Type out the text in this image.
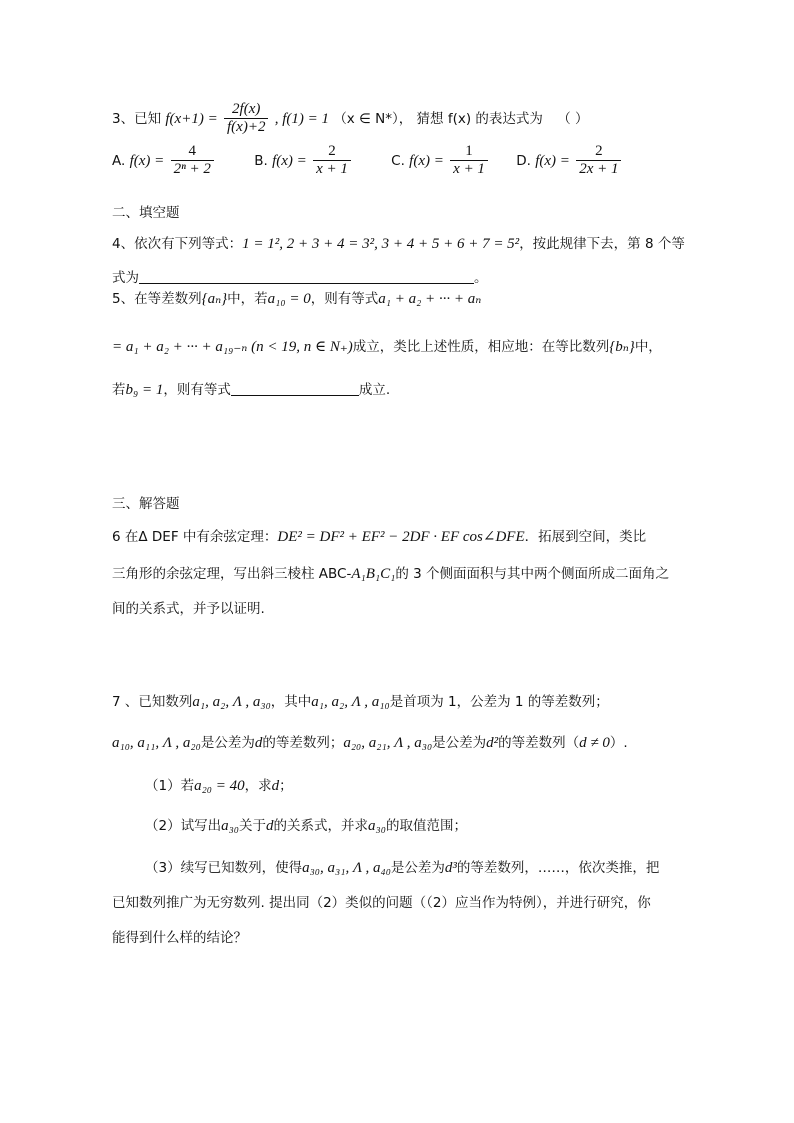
3、已知 $f(x+1) = \frac{2f(x)}{f(x)+2}$ , f(1) = 1 （x ∈ N*）， 猜想 f(x) 的表达式为 （ ）
A. $f(x) = \frac{4}{\text{2ⁿ + 2}}$	B. $f(x) = \frac{2}{x + 1}$	C. $f(x) = \frac{1}{x + 1} D$. $f(x) = \frac{2}{2x + 1}$
二、填空题
4、依次有下列等式：1 = 1², 2 + 3 + 4 = 3², 3 + 4 + 5 + 6 + 7 = 5²，按此规律下去，第 8 个等
式为	。
5、在等差数列{aₙ}中，若a₁₀ = 0，则有等式a₁ + a₂ + ··· + aₙ
= a₁ + a₂ + ··· + a₁₉₋ₙ (n < 19, n ∈ N₊)成立，类比上述性质，相应地：在等比数列{bₙ}中，
若b₉ = 1，则有等式	成立.
三、解答题
6 在Δ DEF 中有余弦定理：DE² = DF² + EF² − 2DF · EF cos∠DFE．拓展到空间，类比
三角形的余弦定理，写出斜三棱柱 ABC-A₁B₁C₁的 3 个侧面面积与其中两个侧面所成二面角之
间的关系式，并予以证明.
7 、已知数列a₁, a₂, Λ , a₃₀，其中a₁, a₂, Λ , a₁₀是首项为 1，公差为 1 的等差数列；
a₁₀, a₁₁, Λ , a₂₀是公差为d的等差数列；a₂₀, a₂₁, Λ , a₃₀是公差为d²的等差数列（d ≠ 0）.
（1）若a₂₀ = 40，求d；
（2）试写出a₃₀关于d的关系式，并求a₃₀的取值范围；
（3）续写已知数列，使得a₃₀, a₃₁, Λ , a₄₀是公差为d³的等差数列，……，依次类推，把
已知数列推广为无穷数列. 提出同（2）类似的问题（（2）应当作为特例），并进行研究，你
能得到什么样的结论？
